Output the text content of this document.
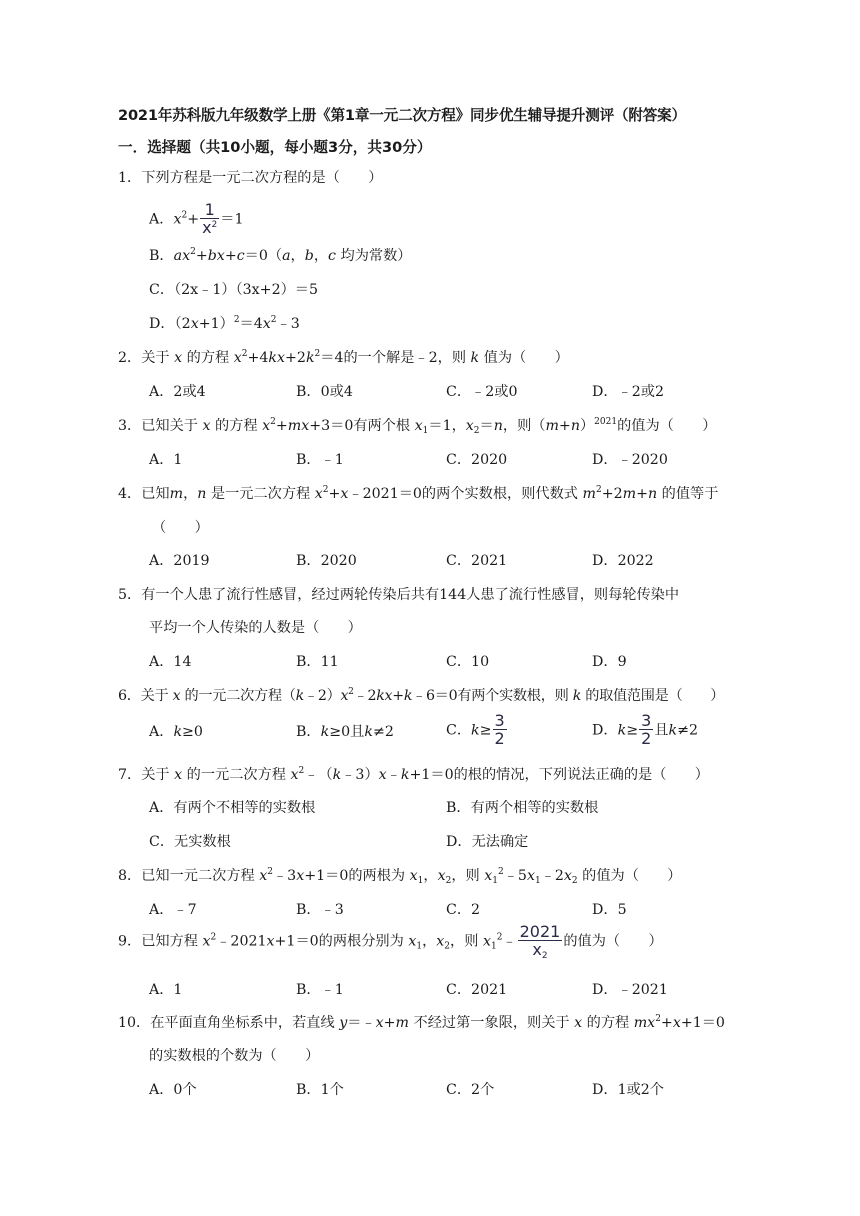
2021年苏科版九年级数学上册《第1章一元二次方程》同步优生辅导提升测评（附答案）
一．选择题（共10小题，每小题3分，共30分）
1．下列方程是一元二次方程的是（　　）
A．$x^2+ \frac{1}{x^2} =1$
B．$ax^2+bx+c=0(a$，b，c 均为常数）
C．（2x﹣1）（3x+2）＝5
D．$(2x+1)^2=4x^2﹣3$
2．关于 x 的方程 $x^2+4kx+2k^2=4$的一个解是﹣2，则 k 值为（　　）
A．2或4	B．0或4	C．﹣2或0	D．﹣2或2
3．已知关于 x 的方程 $x^2+mx+3=0$有两个根 $x_1=1$，$x_2=n$，则$(m+n)^{2021}$的值为（　　）
A．1	B．﹣1	C．2020	D．﹣2020
4．已知m，n 是一元二次方程 $x^2+x﹣2021=0$的两个实数根，则代数式 $m^2+2m+n$ 的值等于
（　　）
A．2019	B．2020	C．2021	D．2022
5．有一个人患了流行性感冒，经过两轮传染后共有144人患了流行性感冒，则每轮传染中
平均一个人传染的人数是（　　）
A．14	B．11	C．10	D．9
6．关于 x 的一元二次方程$(k﹣2)x^2﹣2kx+k﹣6=0$有两个实数根，则 k 的取值范围是（　　）
A．k≥0	B．k≥0且k≠2	C．$k\ge \frac{3}{2}$	D．$k\ge \frac{3}{2}$ 且k≠2
7．关于 x 的一元二次方程 $x^2﹣(k﹣3)x﹣k+1=0$的根的情况，下列说法正确的是（　　）
A．有两个不相等的实数根	B．有两个相等的实数根
C．无实数根	D．无法确定
8．已知一元二次方程 $x^2﹣3x+1=0$的两根为 $x_1$，$x_2$，则 $x_1^2﹣5x_1﹣2x_2$ 的值为（　　）
A．﹣7	B．﹣3	C．2	D．5
9．已知方程 $x^2﹣2021x+1=0$的两根分别为 $x_1$，$x_2$，则 $x_1^2﹣ \frac{2021}{x_2}$ 的值为（　　）
A．1	B．﹣1	C．2021	D．﹣2021
10．在平面直角坐标系中，若直线 y＝﹣x+m 不经过第一象限，则关于 x 的方程 $mx^2+x+1=0$
的实数根的个数为（　　）
A．0个	B．1个	C．2个	D．1或2个
